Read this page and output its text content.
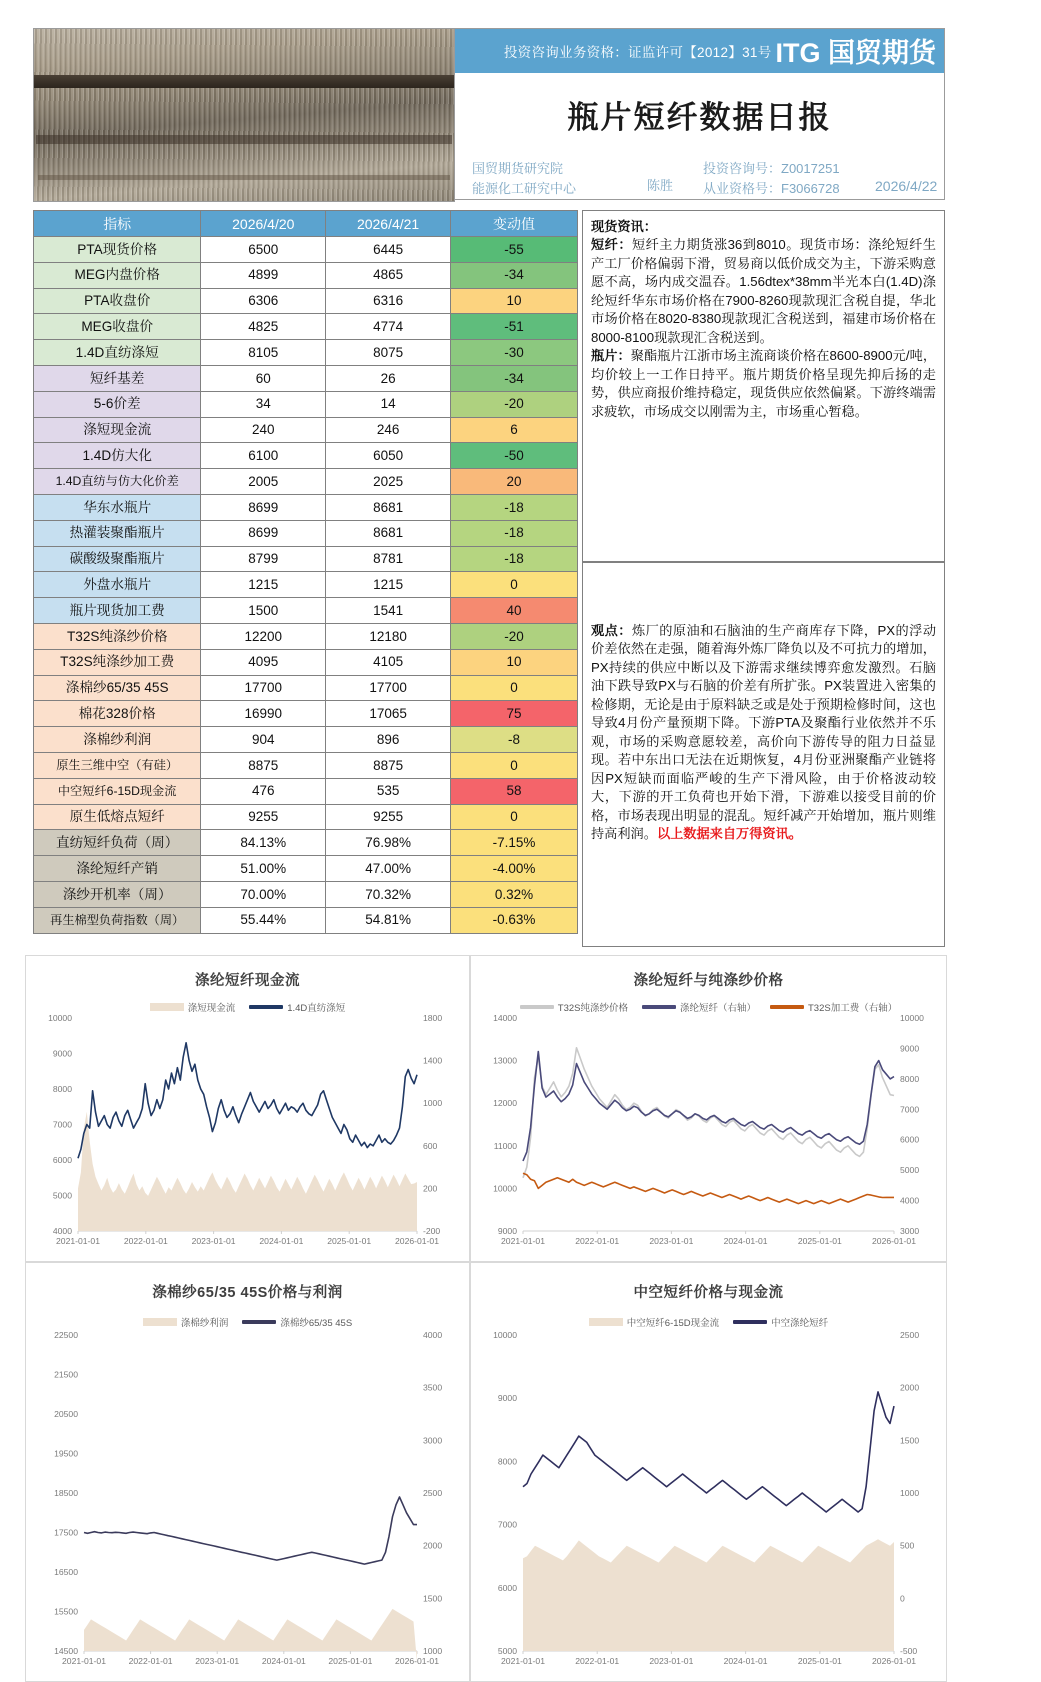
投资咨询业务资格：证监许可【2012】31号 ITG 国贸期货
瓶片短纤数据日报
国贸期货研究院
能源化工研究中心	陈胜
投资咨询号：Z0017251
从业资格号：F3066728	2026/4/22
指标	2026/4/20	2026/4/21	变动值
PTA现货价格	6500	6445	-55
MEG内盘价格	4899	4865	-34
PTA收盘价	6306	6316	10
MEG收盘价	4825	4774	-51
1.4D直纺涤短	8105	8075	-30
短纤基差	60	26	-34
5-6价差	34	14	-20
涤短现金流	240	246	6
1.4D仿大化	6100	6050	-50
1.4D直纺与仿大化价差	2005	2025	20
华东水瓶片	8699	8681	-18
热灌装聚酯瓶片	8699	8681	-18
碳酸级聚酯瓶片	8799	8781	-18
外盘水瓶片	1215	1215	0
瓶片现货加工费	1500	1541	40
T32S纯涤纱价格	12200	12180	-20
T32S纯涤纱加工费	4095	4105	10
涤棉纱65/35 45S	17700	17700	0
棉花328价格	16990	17065	75
涤棉纱利润	904	896	-8
原生三维中空（有硅）	8875	8875	0
中空短纤6-15D现金流	476	535	58
原生低熔点短纤	9255	9255	0
直纺短纤负荷（周）	84.13%	76.98%	-7.15%
涤纶短纤产销	51.00%	47.00%	-4.00%
涤纱开机率（周）	70.00%	70.32%	0.32%
再生棉型负荷指数（周）	55.44%	54.81%	-0.63%
现货资讯：
短纤：短纤主力期货涨36到8010。现货市场：涤纶短纤生产工厂价格偏弱下滑，贸易商以低价成交为主，下游采购意愿不高，场内成交温吞。1.56dtex*38mm半光本白(1.4D)涤纶短纤华东市场价格在7900-8260现款现汇含税自提，华北市场价格在8020-8380现款现汇含税送到，福建市场价格在8000-8100现款现汇含税送到。
瓶片：聚酯瓶片江浙市场主流商谈价格在8600-8900元/吨，均价较上一工作日持平。瓶片期货价格呈现先抑后扬的走势，供应商报价维持稳定，现货供应依然偏紧。下游终端需求疲软，市场成交以刚需为主，市场重心暂稳。
观点：炼厂的原油和石脑油的生产商库存下降，PX的浮动价差依然在走强，随着海外炼厂降负以及不可抗力的增加，PX持续的供应中断以及下游需求继续博弈愈发激烈。石脑油下跌导致PX与石脑的价差有所扩张。PX装置进入密集的检修期，无论是由于原料缺乏或是处于预期检修时间，这也导致4月份产量预期下降。下游PTA及聚酯行业依然并不乐观，市场的采购意愿较差，高价向下游传导的阻力日益显现。若中东出口无法在近期恢复，4月份亚洲聚酯产业链将因PX短缺而面临严峻的生产下滑风险，由于价格波动较大，下游的开工负荷也开始下滑，下游难以接受目前的价格，市场表现出明显的混乱。短纤减产开始增加，瓶片则维持高利润。以上数据来自万得资讯。
涤纶短纤现金流
涤短现金流	1.4D直纺涤短
10000
9000
8000
7000
6000
5000
4000
1800
1400
1000
600
200
-200
2021-01-01	2022-01-01	2023-01-01	2024-01-01	2025-01-01	2026-01-01
涤纶短纤与纯涤纱价格
T32S纯涤纱价格	涤纶短纤（右轴）	T32S加工费（右轴）
14000
13000
12000
11000
10000
9000
10000
9000
8000
7000
6000
5000
4000
3000
2021-01-01	2022-01-01	2023-01-01	2024-01-01	2025-01-01	2026-01-01
涤棉纱65/35 45S价格与利润
涤棉纱利润	涤棉纱65/35 45S
22500
21500
20500
19500
18500
17500
16500
15500
14500
4000
3500
3000
2500
2000
1500
1000
2021-01-01	2022-01-01	2023-01-01	2024-01-01	2025-01-01	2026-01-01
中空短纤价格与现金流
中空短纤6-15D现金流	中空涤纶短纤
10000
9000
8000
7000
6000
5000
2500
2000
1500
1000
500
0
-500
2021-01-01	2022-01-01	2023-01-01	2024-01-01	2025-01-01	2026-01-01
